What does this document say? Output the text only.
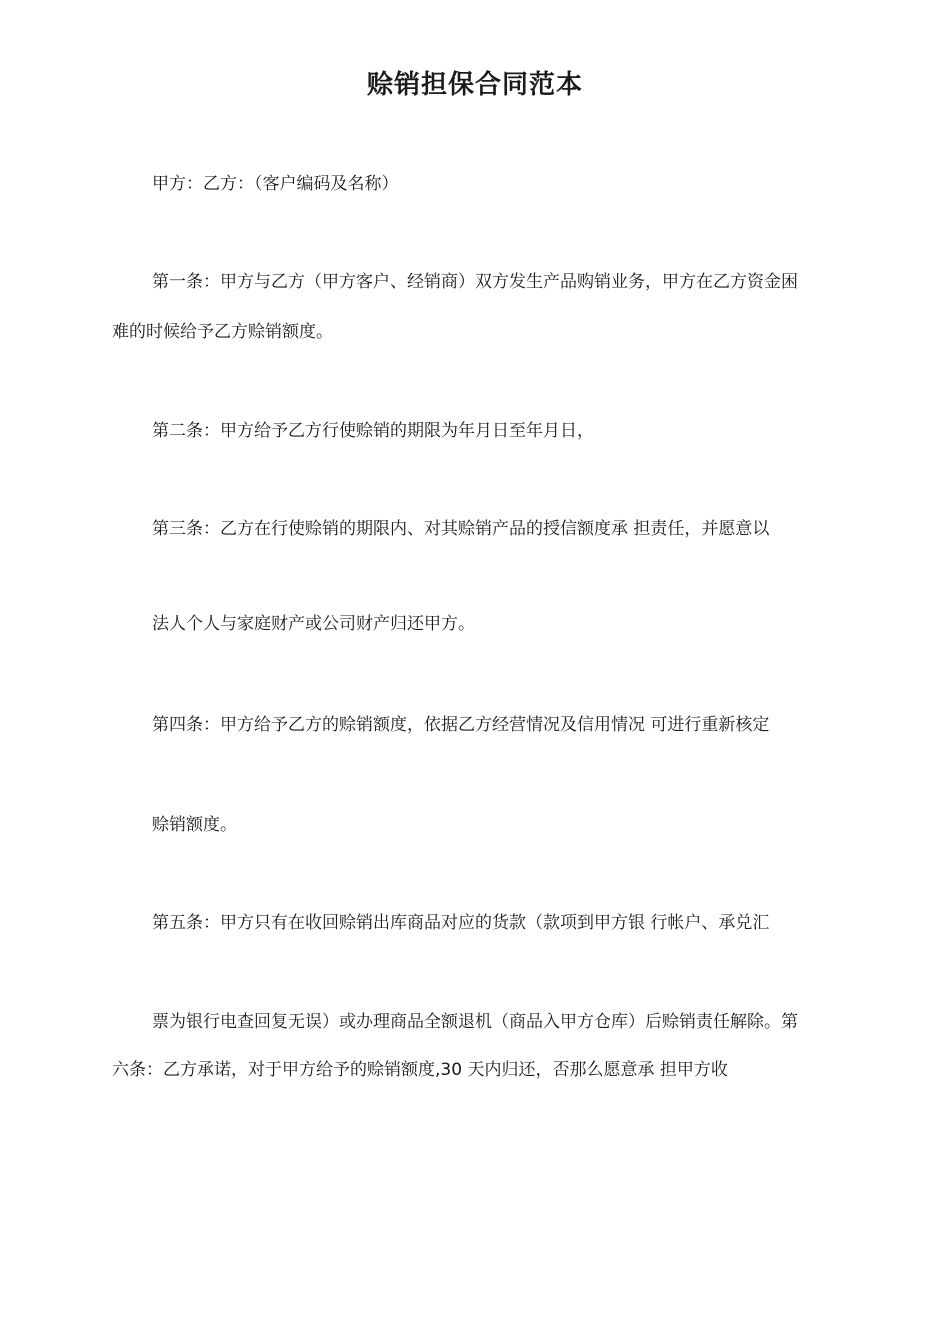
赊销担保合同范本
甲方：乙方：（客户编码及名称）
第一条：甲方与乙方（甲方客户、经销商）双方发生产品购销业务，甲方在乙方资金困
难的时候给予乙方赊销额度。
第二条：甲方给予乙方行使赊销的期限为年月日至年月日，
第三条：乙方在行使赊销的期限内、对其赊销产品的授信额度承 担责任，并愿意以
法人个人与家庭财产或公司财产归还甲方。
第四条：甲方给予乙方的赊销额度，依据乙方经营情况及信用情况 可进行重新核定
赊销额度。
第五条：甲方只有在收回赊销出库商品对应的货款（款项到甲方银 行帐户、承兑汇
票为银行电查回复无误）或办理商品全额退机（商品入甲方仓库）后赊销责任解除。第
六条：乙方承诺，对于甲方给予的赊销额度,30 天内归还，否那么愿意承 担甲方收
